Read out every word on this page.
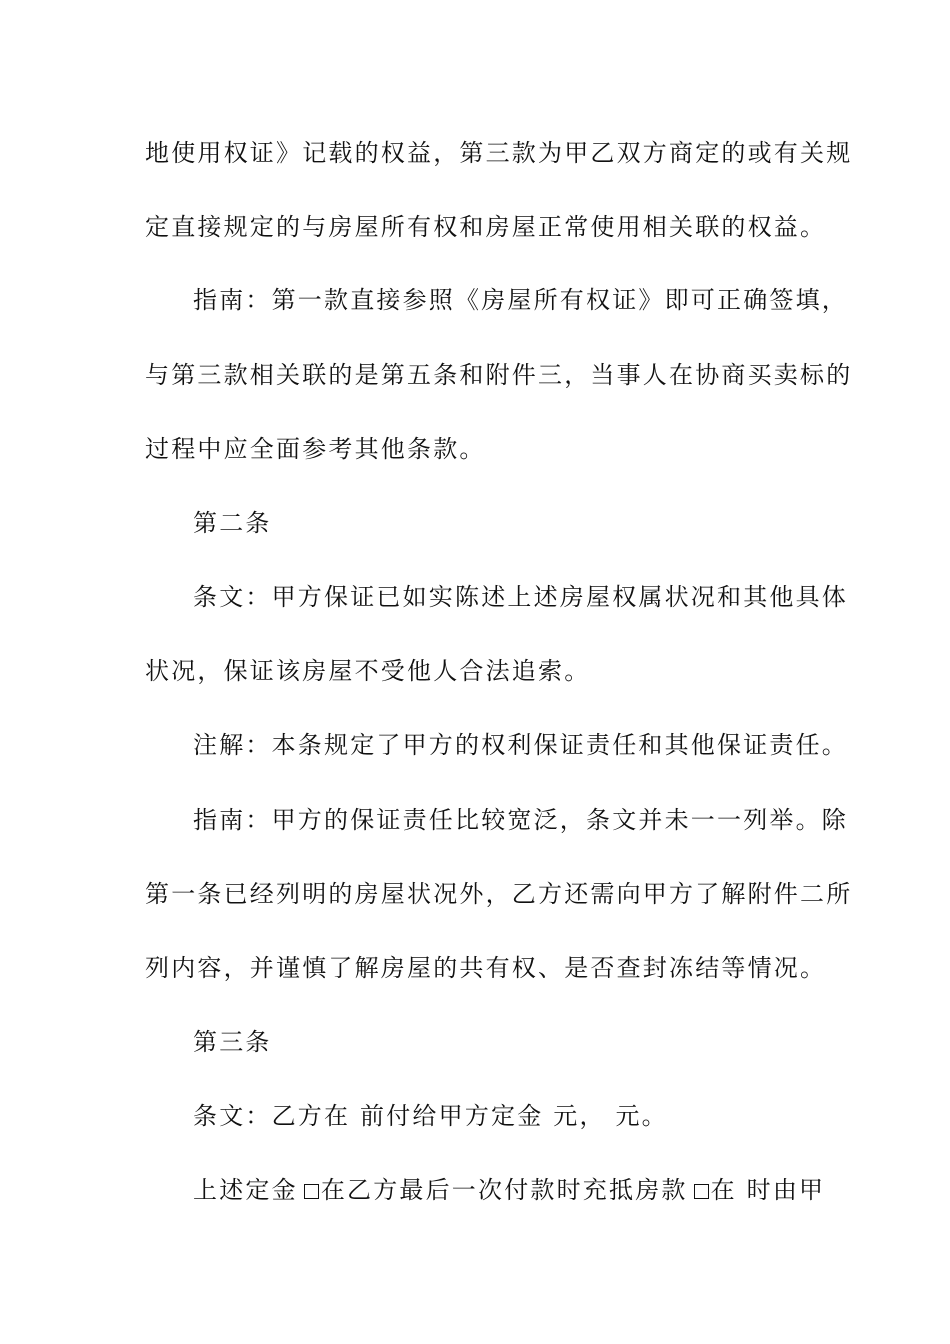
地使用权证》记载的权益，第三款为甲乙双方商定的或有关规
定直接规定的与房屋所有权和房屋正常使用相关联的权益。
指南：第一款直接参照《房屋所有权证》即可正确签填，
与第三款相关联的是第五条和附件三，当事人在协商买卖标的
过程中应全面参考其他条款。
第二条
条文：甲方保证已如实陈述上述房屋权属状况和其他具体
状况，保证该房屋不受他人合法追索。
注解：本条规定了甲方的权利保证责任和其他保证责任。
指南：甲方的保证责任比较宽泛，条文并未一一列举。除
第一条已经列明的房屋状况外，乙方还需向甲方了解附件二所
列内容，并谨慎了解房屋的共有权、是否查封冻结等情况。
第三条
条文：乙方在 前付给甲方定金 元， 元。
上述定金 在乙方最后一次付款时充抵房款 在 时由甲
